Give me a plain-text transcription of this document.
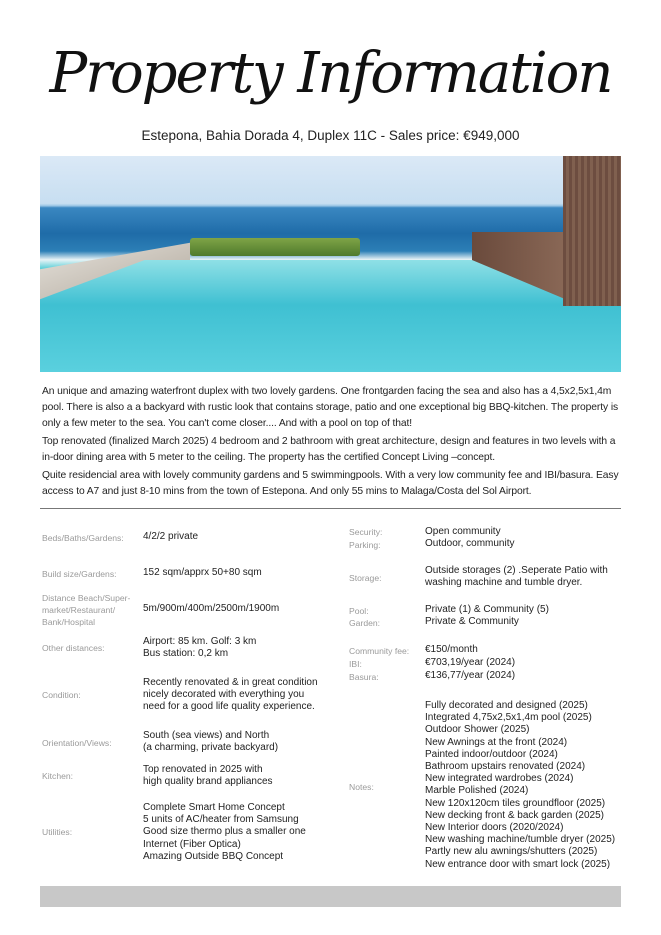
Property Information
Estepona, Bahia Dorada 4, Duplex 11C - Sales price: €949,000

An unique and amazing waterfront duplex with two lovely gardens. One frontgarden facing the sea and also has a 4,5x2,5x1,4m pool. There is also a a backyard with rustic look that contains storage, patio and one exceptional big BBQ-kitchen. The property is only a few meter to the sea. You can't come closer.... And with a pool on top of that!

Top renovated (finalized March 2025) 4 bedroom and 2 bathroom with great architecture, design and features in two levels with a in-door dining area with 5 meter to the ceiling. The property has the certified Concept Living –concept.

Quite residencial area with lovely community gardens and 5 swimmingpools. With a very low community fee and IBI/basura. Easy access to A7 and just 8-10 mins from the town of Estepona. And only 55 mins to Malaga/Costa del Sol Airport.

Beds/Baths/Gardens: 4/2/2 private
Build size/Gardens:	152 sqm/apprx 50+80 sqm
Distance Beach/Super-
market/Restaurant/
Bank/Hospital
5m/900m/400m/2500m/1900m
Other distances:
Airport: 85 km. Golf: 3 km
Bus station: 0,2 km
Condition:
Recently renovated & in great condition
nicely decorated with everything you
need for a good life quality experience.
Orientation/Views:
South (sea views) and North
(a charming, private backyard)
Kitchen:
Top renovated in 2025 with
high quality brand appliances
Utilities:
Complete Smart Home Concept
5 units of AC/heater from Samsung
Good size thermo plus a smaller one
Internet (Fiber Optica)
Amazing Outside BBQ Concept
Security:	Open community
Parking:	Outdoor, community
Storage:
Outside storages (2) .Seperate Patio with
washing machine and tumble dryer.
Pool:	Private (1) & Community (5)
Garden:	Private & Community
Community fee: €150/month
IBI:	€703,19/year (2024)
Basura:	€136,77/year (2024)
Notes:
Fully decorated and designed (2025)
Integrated 4,75x2,5x1,4m pool (2025)
Outdoor Shower (2025)
New Awnings at the front (2024)
Painted indoor/outdoor (2024)
Bathroom upstairs renovated (2024)
New integrated wardrobes (2024)
Marble Polished (2024)
New 120x120cm tiles groundfloor (2025)
New decking front & back garden (2025)
New Interior doors (2020/2024)
New washing machine/tumble dryer (2025)
Partly new alu awnings/shutters (2025)
New entrance door with smart lock (2025)
